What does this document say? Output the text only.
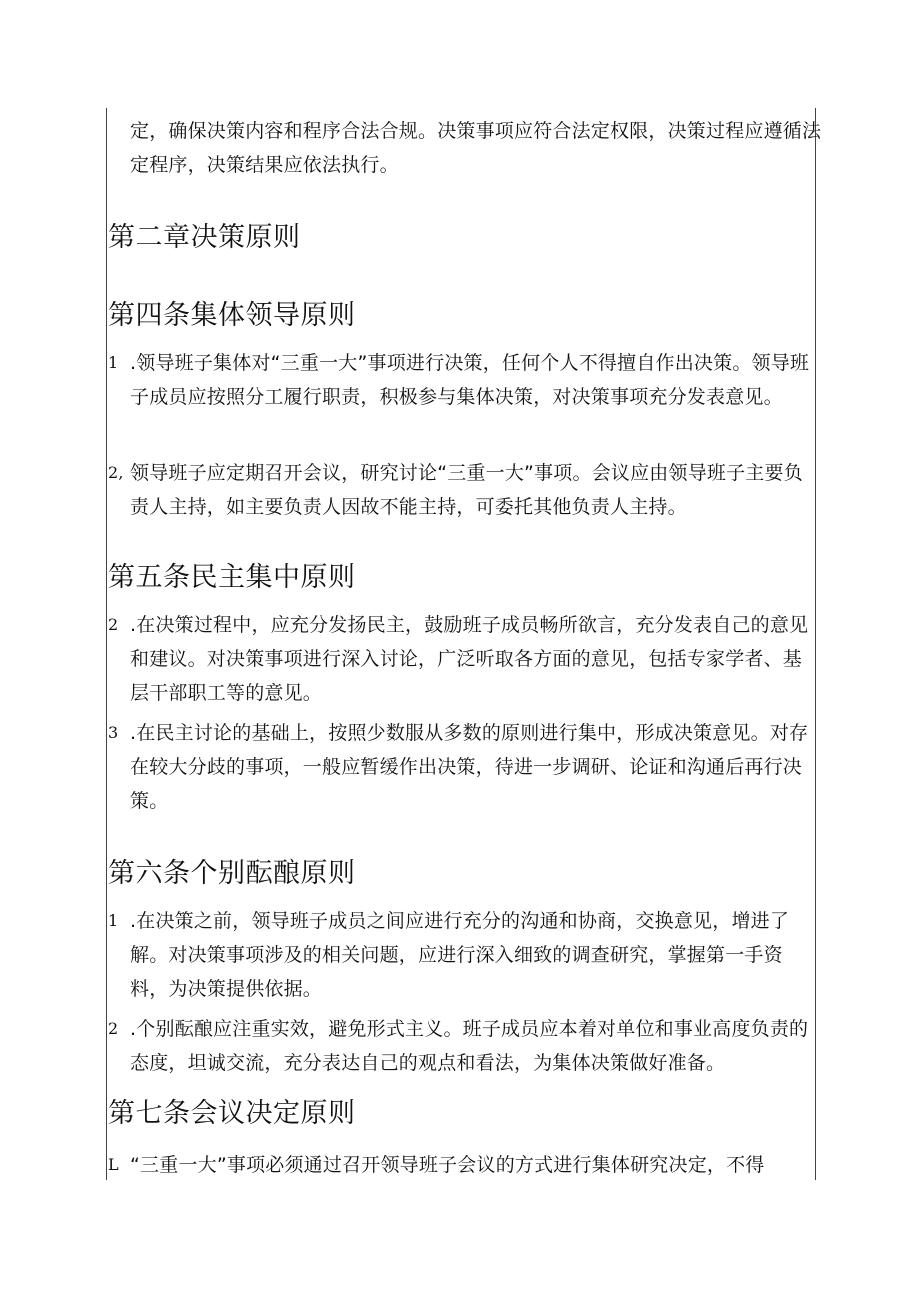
定，确保决策内容和程序合法合规。决策事项应符合法定权限，决策过程应遵循法定程序，决策结果应依法执行。
第二章决策原则
第四条集体领导原则
1 .领导班子集体对“三重一大”事项进行决策，任何个人不得擅自作出决策。领导班子成员应按照分工履行职责，积极参与集体决策，对决策事项充分发表意见。
2, 领导班子应定期召开会议，研究讨论“三重一大”事项。会议应由领导班子主要负责人主持，如主要负责人因故不能主持，可委托其他负责人主持。
第五条民主集中原则
2 .在决策过程中，应充分发扬民主，鼓励班子成员畅所欲言，充分发表自己的意见和建议。对决策事项进行深入讨论，广泛听取各方面的意见，包括专家学者、基层干部职工等的意见。
3 .在民主讨论的基础上，按照少数服从多数的原则进行集中，形成决策意见。对存在较大分歧的事项，一般应暂缓作出决策，待进一步调研、论证和沟通后再行决策。
第六条个别酝酿原则
1 .在决策之前，领导班子成员之间应进行充分的沟通和协商，交换意见，增进了解。对决策事项涉及的相关问题，应进行深入细致的调查研究，掌握第一手资料，为决策提供依据。
2 .个别酝酿应注重实效，避免形式主义。班子成员应本着对单位和事业高度负责的态度，坦诚交流，充分表达自己的观点和看法，为集体决策做好准备。
第七条会议决定原则
L “三重一大”事项必须通过召开领导班子会议的方式进行集体研究决定，不得
